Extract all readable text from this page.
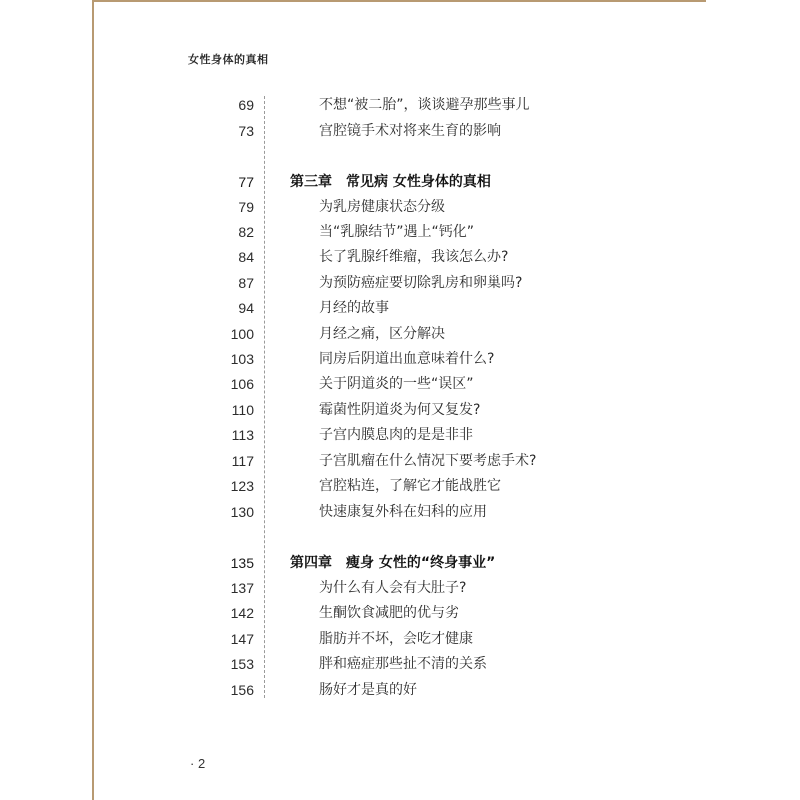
女性身体的真相
69	不想“被二胎”，谈谈避孕那些事儿
73	宫腔镜手术对将来生育的影响
77	第三章　常见病 女性身体的真相
79	为乳房健康状态分级
82	当“乳腺结节”遇上“钙化”
84	长了乳腺纤维瘤，我该怎么办?
87	为预防癌症要切除乳房和卵巢吗?
94	月经的故事
100	月经之痛，区分解决
103	同房后阴道出血意味着什么?
106	关于阴道炎的一些“误区”
110	霉菌性阴道炎为何又复发?
113	子宫内膜息肉的是是非非
117	子宫肌瘤在什么情况下要考虑手术?
123	宫腔粘连，了解它才能战胜它
130	快速康复外科在妇科的应用
135	第四章　瘦身 女性的“终身事业”
137	为什么有人会有大肚子?
142	生酮饮食减肥的优与劣
147	脂肪并不坏，会吃才健康
153	胖和癌症那些扯不清的关系
156	肠好才是真的好
· 2
